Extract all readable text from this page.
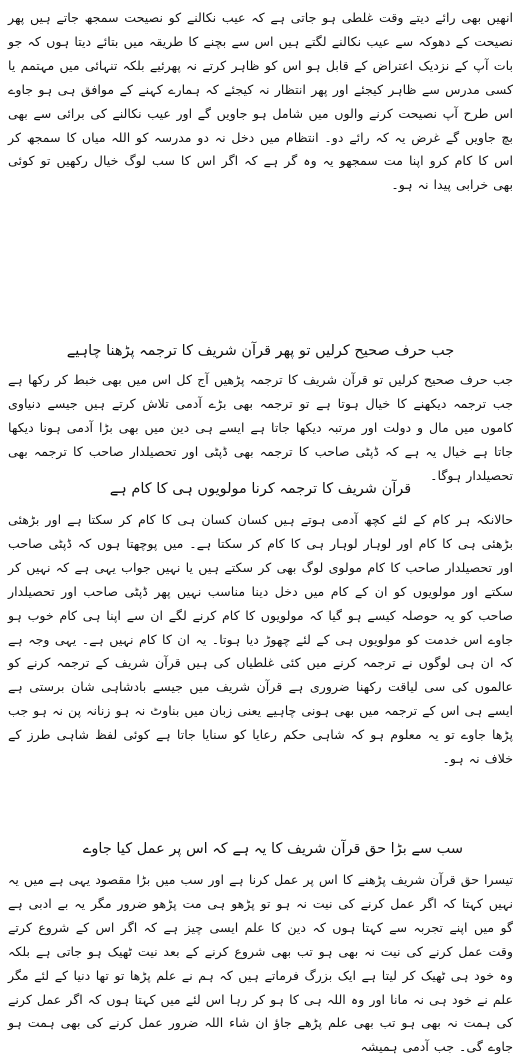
انھیں بھی رائے دیتے وقت غلطی ہو جاتی ہے کہ عیب نکالنے کو نصیحت سمجھ جاتے ہیں پھر نصیحت کے دھوکہ سے عیب نکالنے لگتے ہیں اس سے بچنے کا طریقہ میں بتائے دیتا ہوں کہ جو بات آپ کے نزدیک اعتراض کے قابل ہو اس کو ظاہر کرتے نہ پھرئیے بلکہ تنہائی میں مہتمم یا کسی مدرس سے ظاہر کیجئے اور پھر انتظار نہ کیجئے کہ ہمارے کہنے کے موافق ہی ہو جاوے اس طرح آپ نصیحت کرنے والوں میں شامل ہو جاویں گے اور عیب نکالنے کی برائی سے بھی بچ جاویں گے غرض یہ کہ رائے دو۔ انتظام میں دخل نہ دو مدرسہ کو اللہ میاں کا سمجھ کر اس کا کام کرو اپنا مت سمجھو یہ وہ گر ہے کہ اگر اس کا سب لوگ خیال رکھیں تو کوئی بھی خرابی پیدا نہ ہو۔

جب حرف صحیح کرلیں تو پھر قرآن شریف کا ترجمہ پڑھنا چاہیے

جب حرف صحیح کرلیں تو قرآن شریف کا ترجمہ پڑھیں آج کل اس میں بھی خبط کر رکھا ہے جب ترجمہ دیکھنے کا خیال ہوتا ہے تو ترجمہ بھی بڑے آدمی تلاش کرتے ہیں جیسے دنیاوی کاموں میں مال و دولت اور مرتبہ دیکھا جاتا ہے ایسے ہی دین میں بھی بڑا آدمی ہونا دیکھا جاتا ہے خیال یہ ہے کہ ڈپٹی صاحب کا ترجمہ بھی ڈپٹی اور تحصیلدار صاحب کا ترجمہ بھی تحصیلدار ہوگا۔

قرآن شریف کا ترجمہ کرنا مولویوں ہی کا کام ہے

حالانکہ ہر کام کے لئے کچھ آدمی ہوتے ہیں کسان کسان ہی کا کام کر سکتا ہے اور بڑھئی بڑھئی ہی کا کام اور لوہار لوہار ہی کا کام کر سکتا ہے۔ میں پوچھتا ہوں کہ ڈپٹی صاحب اور تحصیلدار صاحب کا کام مولوی لوگ بھی کر سکتے ہیں یا نہیں جواب یہی ہے کہ نہیں کر سکتے اور مولویوں کو ان کے کام میں دخل دینا مناسب نہیں پھر ڈپٹی صاحب اور تحصیلدار صاحب کو یہ حوصلہ کیسے ہو گیا کہ مولویوں کا کام کرنے لگے ان سے اپنا ہی کام خوب ہو جاوے اس خدمت کو مولویوں ہی کے لئے چھوڑ دیا ہوتا۔ یہ ان کا کام نہیں ہے۔ یہی وجہ ہے کہ ان ہی لوگوں نے ترجمہ کرنے میں کئی غلطیاں کی ہیں قرآن شریف کے ترجمہ کرنے کو عالموں کی سی لیاقت رکھنا ضروری ہے قرآن شریف میں جیسے بادشاہی شان برستی ہے ایسے ہی اس کے ترجمہ میں بھی ہونی چاہیے یعنی زبان میں بناوٹ نہ ہو زنانہ پن نہ ہو جب پڑھا جاوے تو یہ معلوم ہو کہ شاہی حکم رعایا کو سنایا جاتا ہے کوئی لفظ شاہی طرز کے خلاف نہ ہو۔

سب سے بڑا حق قرآن شریف کا یہ ہے کہ اس پر عمل کیا جاوے

تیسرا حق قرآن شریف پڑھنے کا اس پر عمل کرنا ہے اور سب میں بڑا مقصود یہی ہے میں یہ نہیں کہتا کہ اگر عمل کرنے کی نیت نہ ہو تو پڑھو ہی مت پڑھو ضرور مگر یہ بے ادبی ہے گو میں اپنے تجربہ سے کہتا ہوں کہ دین کا علم ایسی چیز ہے کہ اگر اس کے شروع کرتے وقت عمل کرنے کی نیت نہ بھی ہو تب بھی شروع کرنے کے بعد نیت ٹھیک ہو جاتی ہے بلکہ وہ خود ہی ٹھیک کر لیتا ہے ایک بزرگ فرماتے ہیں کہ ہم نے علم پڑھا تو تھا دنیا کے لئے مگر علم نے خود ہی نہ مانا اور وہ اللہ ہی کا ہو کر رہا اس لئے میں کہتا ہوں کہ اگر عمل کرنے کی ہمت نہ بھی ہو تب بھی علم پڑھے جاؤ ان شاء اللہ ضرور عمل کرنے کی بھی ہمت ہو جاوے گی۔ جب آدمی ہمیشہ
